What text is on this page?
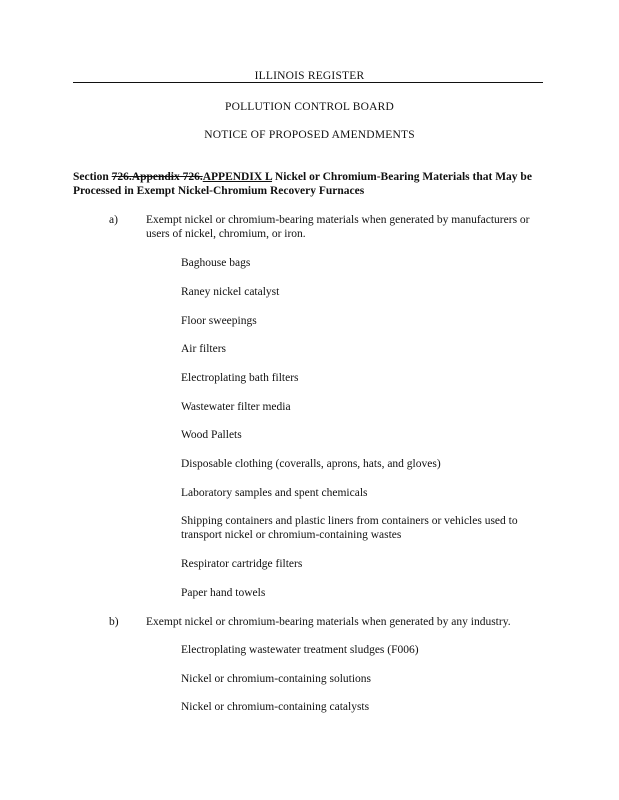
ILLINOIS REGISTER
POLLUTION CONTROL BOARD
NOTICE OF PROPOSED AMENDMENTS
Section 726.Appendix 726.APPENDIX L Nickel or Chromium-Bearing Materials that May be Processed in Exempt Nickel-Chromium Recovery Furnaces
a) Exempt nickel or chromium-bearing materials when generated by manufacturers or users of nickel, chromium, or iron.
Baghouse bags
Raney nickel catalyst
Floor sweepings
Air filters
Electroplating bath filters
Wastewater filter media
Wood Pallets
Disposable clothing (coveralls, aprons, hats, and gloves)
Laboratory samples and spent chemicals
Shipping containers and plastic liners from containers or vehicles used to transport nickel or chromium-containing wastes
Respirator cartridge filters
Paper hand towels
b) Exempt nickel or chromium-bearing materials when generated by any industry.
Electroplating wastewater treatment sludges (F006)
Nickel or chromium-containing solutions
Nickel or chromium-containing catalysts
